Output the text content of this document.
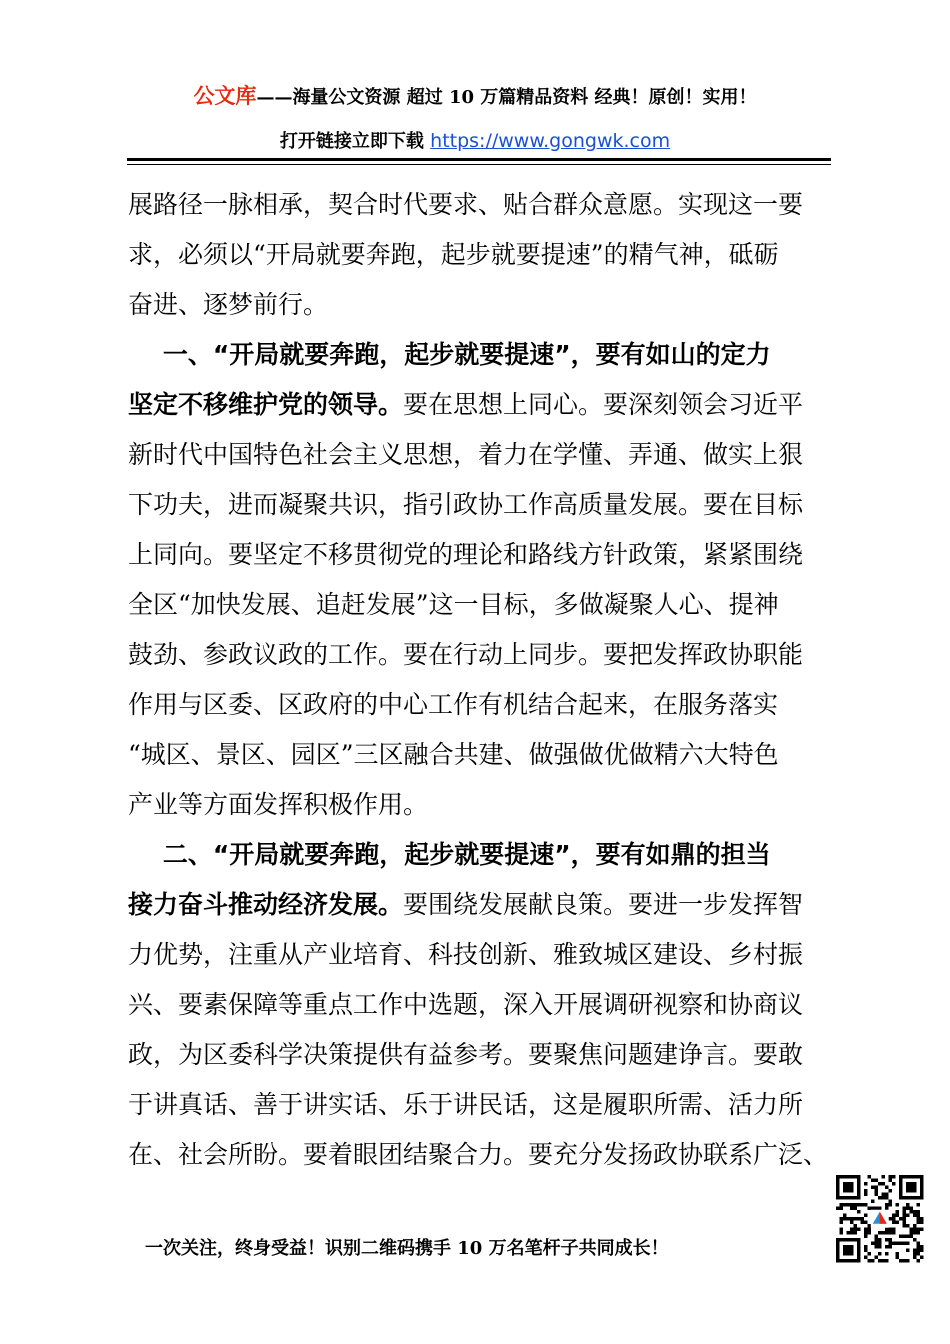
公文库——海量公文资源 超过 10 万篇精品资料 经典！原创！实用！
打开链接立即下载 https://www.gongwk.com
展路径一脉相承，契合时代要求、贴合群众意愿。实现这一要
求，必须以“开局就要奔跑，起步就要提速”的精气神，砥砺
奋进、逐梦前行。
一、“开局就要奔跑，起步就要提速”，要有如山的定力
坚定不移维护党的领导。要在思想上同心。要深刻领会习近平
新时代中国特色社会主义思想，着力在学懂、弄通、做实上狠
下功夫，进而凝聚共识，指引政协工作高质量发展。要在目标
上同向。要坚定不移贯彻党的理论和路线方针政策，紧紧围绕
全区“加快发展、追赶发展”这一目标，多做凝聚人心、提神
鼓劲、参政议政的工作。要在行动上同步。要把发挥政协职能
作用与区委、区政府的中心工作有机结合起来，在服务落实
“城区、景区、园区”三区融合共建、做强做优做精六大特色
产业等方面发挥积极作用。
二、“开局就要奔跑，起步就要提速”，要有如鼎的担当
接力奋斗推动经济发展。要围绕发展献良策。要进一步发挥智
力优势，注重从产业培育、科技创新、雅致城区建设、乡村振
兴、要素保障等重点工作中选题，深入开展调研视察和协商议
政，为区委科学决策提供有益参考。要聚焦问题建诤言。要敢
于讲真话、善于讲实话、乐于讲民话，这是履职所需、活力所
在、社会所盼。要着眼团结聚合力。要充分发扬政协联系广泛、
一次关注，终身受益！识别二维码携手 10 万名笔杆子共同成长！
